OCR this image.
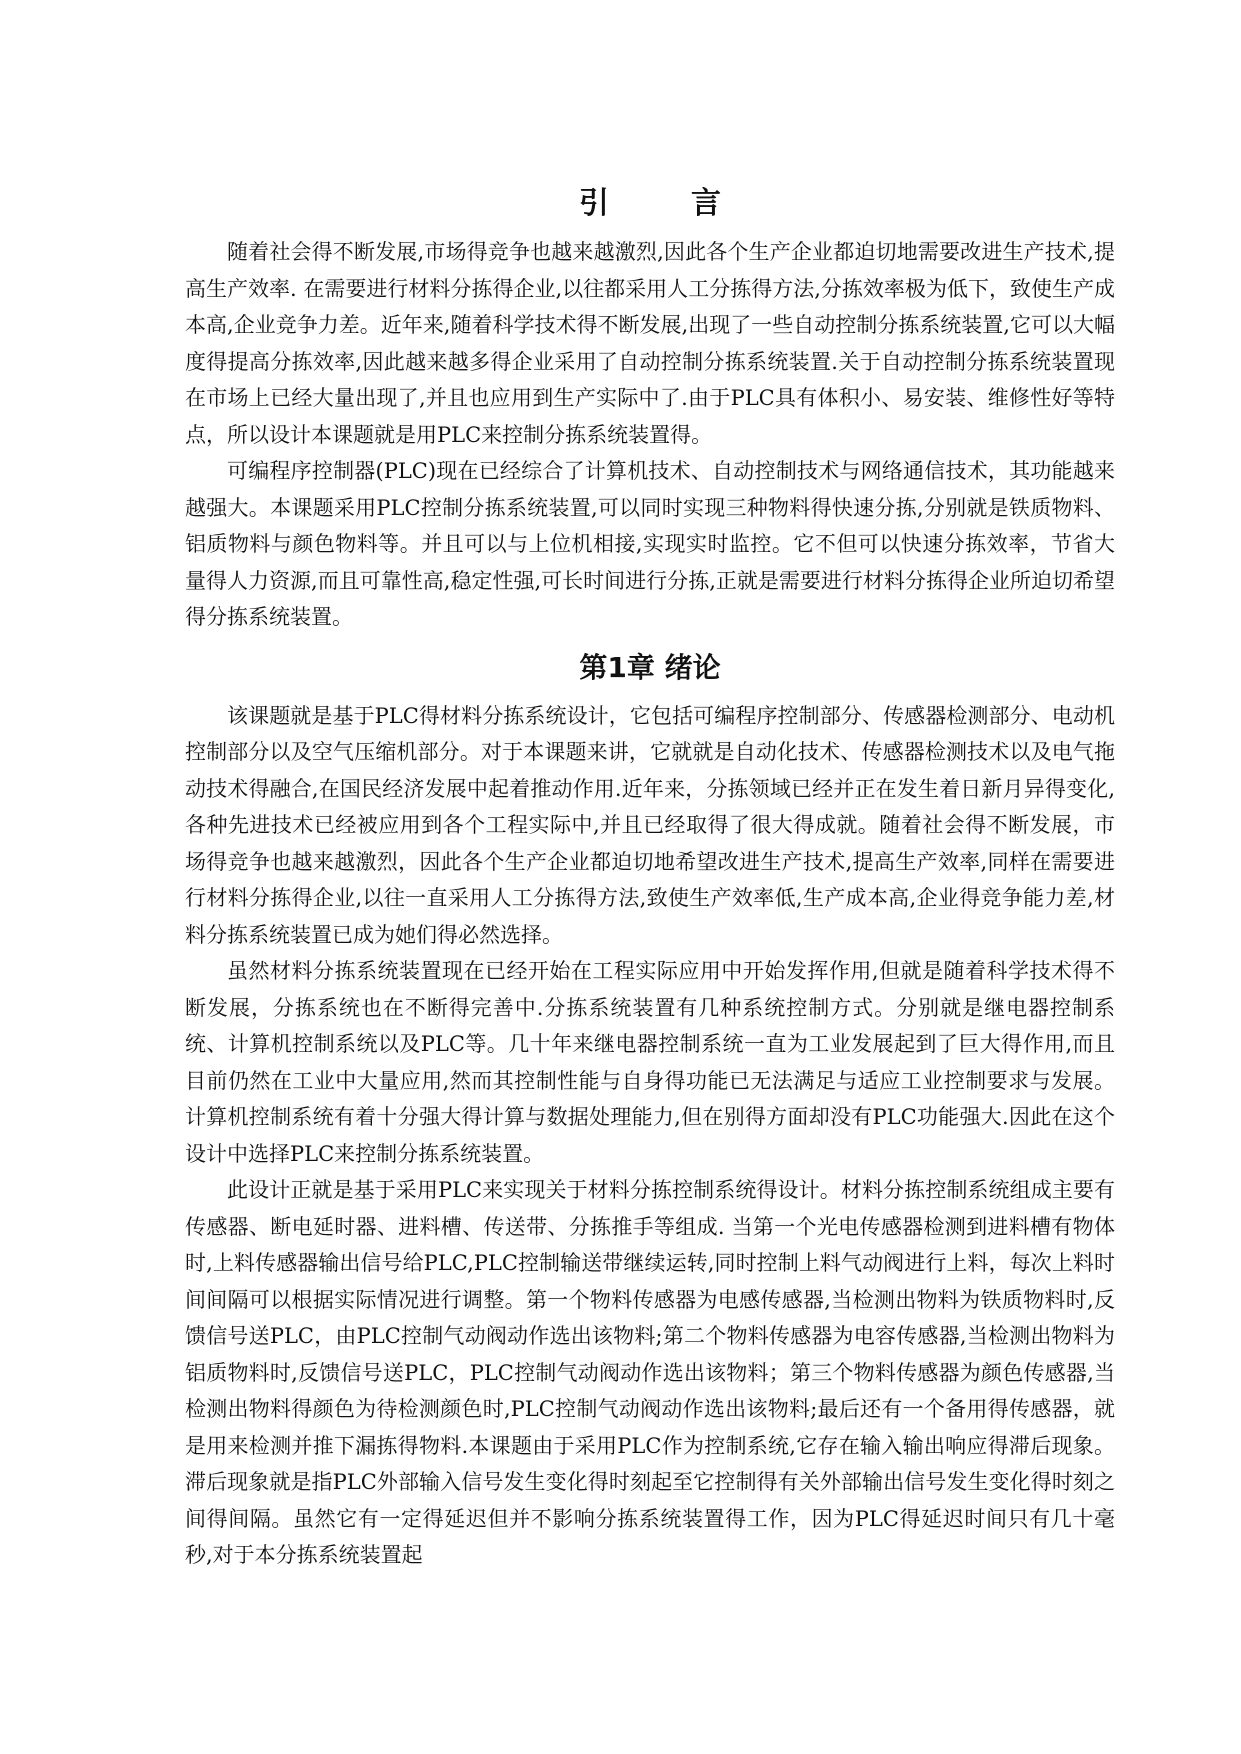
引言

随着社会得不断发展,市场得竞争也越来越激烈,因此各个生产企业都迫切地需要改进生产技术,提高生产效率. 在需要进行材料分拣得企业,以往都采用人工分拣得方法,分拣效率极为低下，致使生产成本高,企业竞争力差。近年来,随着科学技术得不断发展,出现了一些自动控制分拣系统装置,它可以大幅度得提高分拣效率,因此越来越多得企业采用了自动控制分拣系统装置.关于自动控制分拣系统装置现在市场上已经大量出现了,并且也应用到生产实际中了.由于PLC具有体积小、易安装、维修性好等特点，所以设计本课题就是用PLC来控制分拣系统装置得。

可编程序控制器(PLC)现在已经综合了计算机技术、自动控制技术与网络通信技术，其功能越来越强大。本课题采用PLC控制分拣系统装置,可以同时实现三种物料得快速分拣,分别就是铁质物料、铝质物料与颜色物料等。并且可以与上位机相接,实现实时监控。它不但可以快速分拣效率，节省大量得人力资源,而且可靠性高,稳定性强,可长时间进行分拣,正就是需要进行材料分拣得企业所迫切希望得分拣系统装置。

第1章 绪论

该课题就是基于PLC得材料分拣系统设计，它包括可编程序控制部分、传感器检测部分、电动机控制部分以及空气压缩机部分。对于本课题来讲，它就就是自动化技术、传感器检测技术以及电气拖动技术得融合,在国民经济发展中起着推动作用.近年来，分拣领域已经并正在发生着日新月异得变化,各种先进技术已经被应用到各个工程实际中,并且已经取得了很大得成就。随着社会得不断发展，市场得竞争也越来越激烈，因此各个生产企业都迫切地希望改进生产技术,提高生产效率,同样在需要进行材料分拣得企业,以往一直采用人工分拣得方法,致使生产效率低,生产成本高,企业得竞争能力差,材料分拣系统装置已成为她们得必然选择。

虽然材料分拣系统装置现在已经开始在工程实际应用中开始发挥作用,但就是随着科学技术得不断发展，分拣系统也在不断得完善中.分拣系统装置有几种系统控制方式。分别就是继电器控制系统、计算机控制系统以及PLC等。几十年来继电器控制系统一直为工业发展起到了巨大得作用,而且目前仍然在工业中大量应用,然而其控制性能与自身得功能已无法满足与适应工业控制要求与发展。计算机控制系统有着十分强大得计算与数据处理能力,但在别得方面却没有PLC功能强大.因此在这个设计中选择PLC来控制分拣系统装置。

此设计正就是基于采用PLC来实现关于材料分拣控制系统得设计。材料分拣控制系统组成主要有传感器、断电延时器、进料槽、传送带、分拣推手等组成. 当第一个光电传感器检测到进料槽有物体时,上料传感器输出信号给PLC,PLC控制输送带继续运转,同时控制上料气动阀进行上料，每次上料时间间隔可以根据实际情况进行调整。第一个物料传感器为电感传感器,当检测出物料为铁质物料时,反馈信号送PLC，由PLC控制气动阀动作选出该物料;第二个物料传感器为电容传感器,当检测出物料为铝质物料时,反馈信号送PLC，PLC控制气动阀动作选出该物料；第三个物料传感器为颜色传感器,当检测出物料得颜色为待检测颜色时,PLC控制气动阀动作选出该物料;最后还有一个备用得传感器，就是用来检测并推下漏拣得物料.本课题由于采用PLC作为控制系统,它存在输入输出响应得滞后现象。滞后现象就是指PLC外部输入信号发生变化得时刻起至它控制得有关外部输出信号发生变化得时刻之间得间隔。虽然它有一定得延迟但并不影响分拣系统装置得工作，因为PLC得延迟时间只有几十毫秒,对于本分拣系统装置起
